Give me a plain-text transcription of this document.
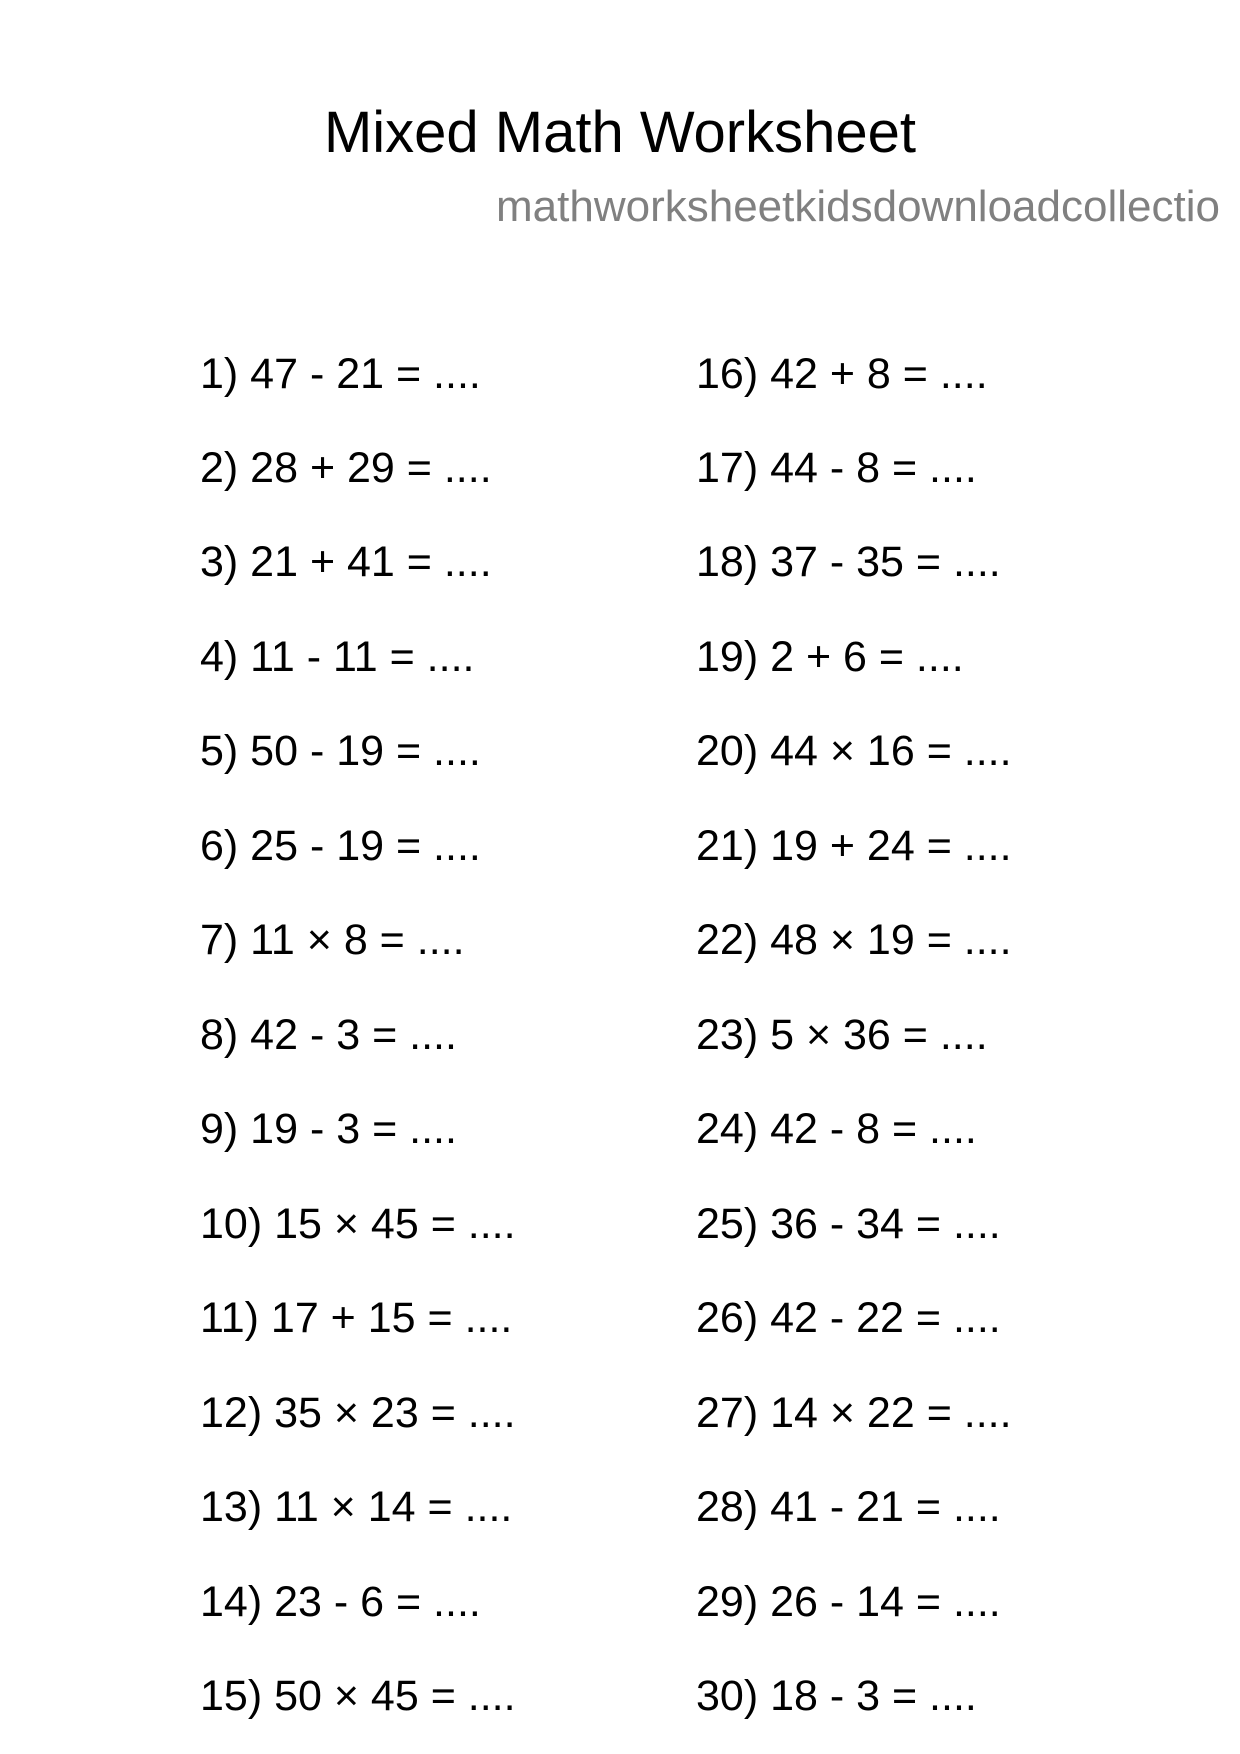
Mixed Math Worksheet
mathworksheetkidsdownloadcollectio
1) 47 - 21 = ....
2) 28 + 29 = ....
3) 21 + 41 = ....
4) 11 - 11 = ....
5) 50 - 19 = ....
6) 25 - 19 = ....
7) 11 × 8 = ....
8) 42 - 3 = ....
9) 19 - 3 = ....
10) 15 × 45 = ....
11) 17 + 15 = ....
12) 35 × 23 = ....
13) 11 × 14 = ....
14) 23 - 6 = ....
15) 50 × 45 = ....
16) 42 + 8 = ....
17) 44 - 8 = ....
18) 37 - 35 = ....
19) 2 + 6 = ....
20) 44 × 16 = ....
21) 19 + 24 = ....
22) 48 × 19 = ....
23) 5 × 36 = ....
24) 42 - 8 = ....
25) 36 - 34 = ....
26) 42 - 22 = ....
27) 14 × 22 = ....
28) 41 - 21 = ....
29) 26 - 14 = ....
30) 18 - 3 = ....
